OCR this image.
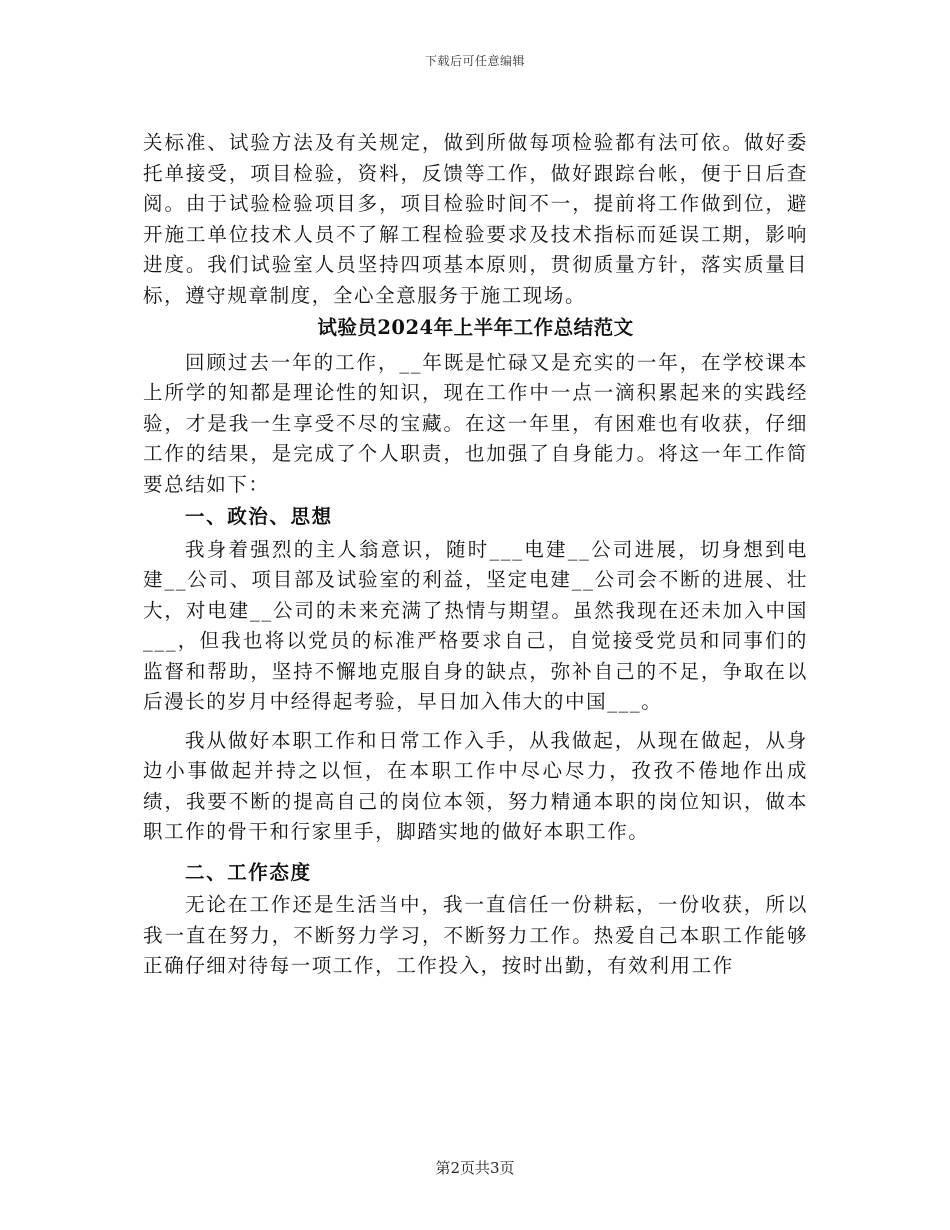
下载后可任意编辑

关标准、试验方法及有关规定，做到所做每项检验都有法可依。做好委托单接受，项目检验，资料，反馈等工作，做好跟踪台帐，便于日后查阅。由于试验检验项目多，项目检验时间不一，提前将工作做到位，避开施工单位技术人员不了解工程检验要求及技术指标而延误工期，影响进度。我们试验室人员坚持四项基本原则，贯彻质量方针，落实质量目标，遵守规章制度，全心全意服务于施工现场。

试验员2024年上半年工作总结范文

回顾过去一年的工作，__年既是忙碌又是充实的一年，在学校课本上所学的知都是理论性的知识，现在工作中一点一滴积累起来的实践经验，才是我一生享受不尽的宝藏。在这一年里，有困难也有收获，仔细工作的结果，是完成了个人职责，也加强了自身能力。将这一年工作简要总结如下：

一、政治、思想

我身着强烈的主人翁意识，随时___电建__公司进展，切身想到电建__公司、项目部及试验室的利益，坚定电建__公司会不断的进展、壮大，对电建__公司的未来充满了热情与期望。虽然我现在还未加入中国___，但我也将以党员的标准严格要求自己，自觉接受党员和同事们的监督和帮助，坚持不懈地克服自身的缺点，弥补自己的不足，争取在以后漫长的岁月中经得起考验，早日加入伟大的中国___。

我从做好本职工作和日常工作入手，从我做起，从现在做起，从身边小事做起并持之以恒，在本职工作中尽心尽力，孜孜不倦地作出成绩，我要不断的提高自己的岗位本领，努力精通本职的岗位知识，做本职工作的骨干和行家里手，脚踏实地的做好本职工作。

二、工作态度

无论在工作还是生活当中，我一直信任一份耕耘，一份收获，所以我一直在努力，不断努力学习，不断努力工作。热爱自己本职工作能够正确仔细对待每一项工作，工作投入，按时出勤，有效利用工作

第2页共3页
